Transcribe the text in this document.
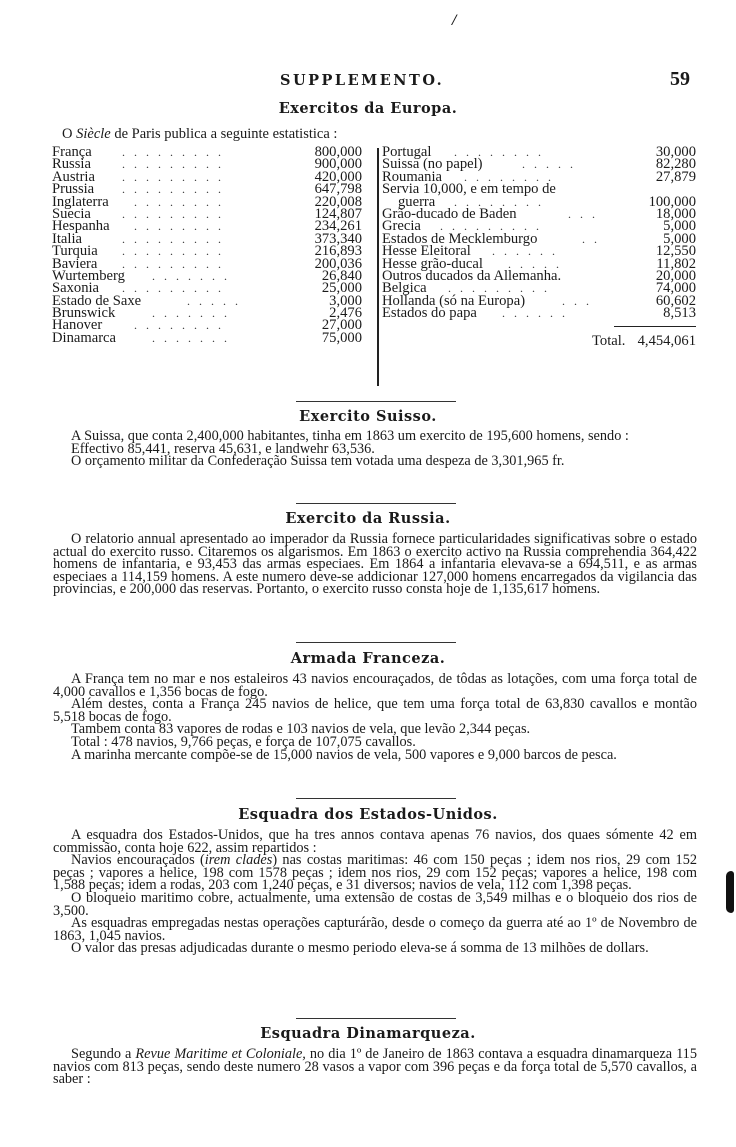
/
SUPPLEMENTO.	59
Exercitos da Europa.
O Siècle de Paris publica a seguinte estatistica :
França	.........	800,000
Russia	.........	900,000
Austria .........	420,000
Prussia .........	647,798
Inglaterra ........	220,008
Suecia	.........	124,807
Hespanha ........	234,261
Italia	.........	373,340
Turquia .........	216,893
Baviera .........	200,036
Wurtemberg .......	26,840
Saxonia .........	25,000
Estado de Saxe	.....	3,000
Brunswick	.......	2,476
Hanover	........	27,000
Dinamarca	.......	75,000
Portugal ........	30,000
Suissa (no papel)	.....	82,280
Roumania ........	27,879
Servia 10,000, e em tempo de
guerra ........	100,000
Grão-ducado de Baden	...	18,000
Grecia .........	5,000
Estados de Mecklemburgo	..	5,000
Hesse Eleitoral ......	12,550
Hesse grão-ducal .....	11,802
Outros ducados da Allemanha.	20,000
Belgica .........	74,000
Hollanda (só na Europa)	...	60,602
Estados do papa ......	8,513
Total. 4,454,061
Exercito Suisso.

A Suissa, que conta 2,400,000 habitantes, tinha em 1863 um exercito de 195,600 homens, sendo :

Effectivo 85,441, reserva 45,631, e landwehr 63,536.

O orçamento militar da Confederação Suissa tem votada uma despeza de 3,301,965 fr.

Exercito da Russia.

O relatorio annual apresentado ao imperador da Russia fornece particularidades significativas sobre o estado actual do exercito russo. Citaremos os algarismos. Em 1863 o exercito activo na Russia comprehendia 364,422 homens de infantaria, e 93,453 das armas especiaes. Em 1864 a infantaria elevava-se a 694,511, e as armas especiaes a 114,159 homens. A este numero deve-se addicionar 127,000 homens encarregados da vigilancia das provincias, e 200,000 das reservas. Portanto, o exercito russo consta hoje de 1,135,617 homens.

Armada Franceza.

A França tem no mar e nos estaleiros 43 navios encouraçados, de tôdas as lotações, com uma força total de 4,000 cavallos e 1,356 bocas de fogo.

Além destes, conta a França 245 navios de helice, que tem uma força total de 63,830 cavallos e montão 5,518 bocas de fogo.

Tambem conta 83 vapores de rodas e 103 navios de vela, que levão 2,344 peças.

Total : 478 navios, 9,766 peças, e força de 107,075 cavallos.

A marinha mercante compõe-se de 15,000 navios de vela, 500 vapores e 9,000 barcos de pesca.

Esquadra dos Estados-Unidos.

A esquadra dos Estados-Unidos, que ha tres annos contava apenas 76 navios, dos quaes sómente 42 em commissão, conta hoje 622, assim repartidos :

Navios encouraçados (irem clades) nas costas maritimas: 46 com 150 peças ; idem nos rios, 29 com 152 peças ; vapores a helice, 198 com 1578 peças ; idem nos rios, 29 com 152 peças; vapores a helice, 198 com 1,588 peças; idem a rodas, 203 com 1,240 peças, e 31 diversos; navios de vela, 112 com 1,398 peças.

O bloqueio maritimo cobre, actualmente, uma extensão de costas de 3,549 milhas e o bloqueio dos rios de 3,500.

As esquadras empregadas nestas operações capturárão, desde o começo da guerra até ao 1º de Novembro de 1863, 1,045 navios.

O valor das presas adjudicadas durante o mesmo periodo eleva-se á somma de 13 milhões de dollars.

Esquadra Dinamarqueza.

Segundo a Revue Maritime et Coloniale, no dia 1º de Janeiro de 1863 contava a esquadra dinamarqueza 115 navios com 813 peças, sendo deste numero 28 vasos a vapor com 396 peças e da força total de 5,570 cavallos, a saber :
